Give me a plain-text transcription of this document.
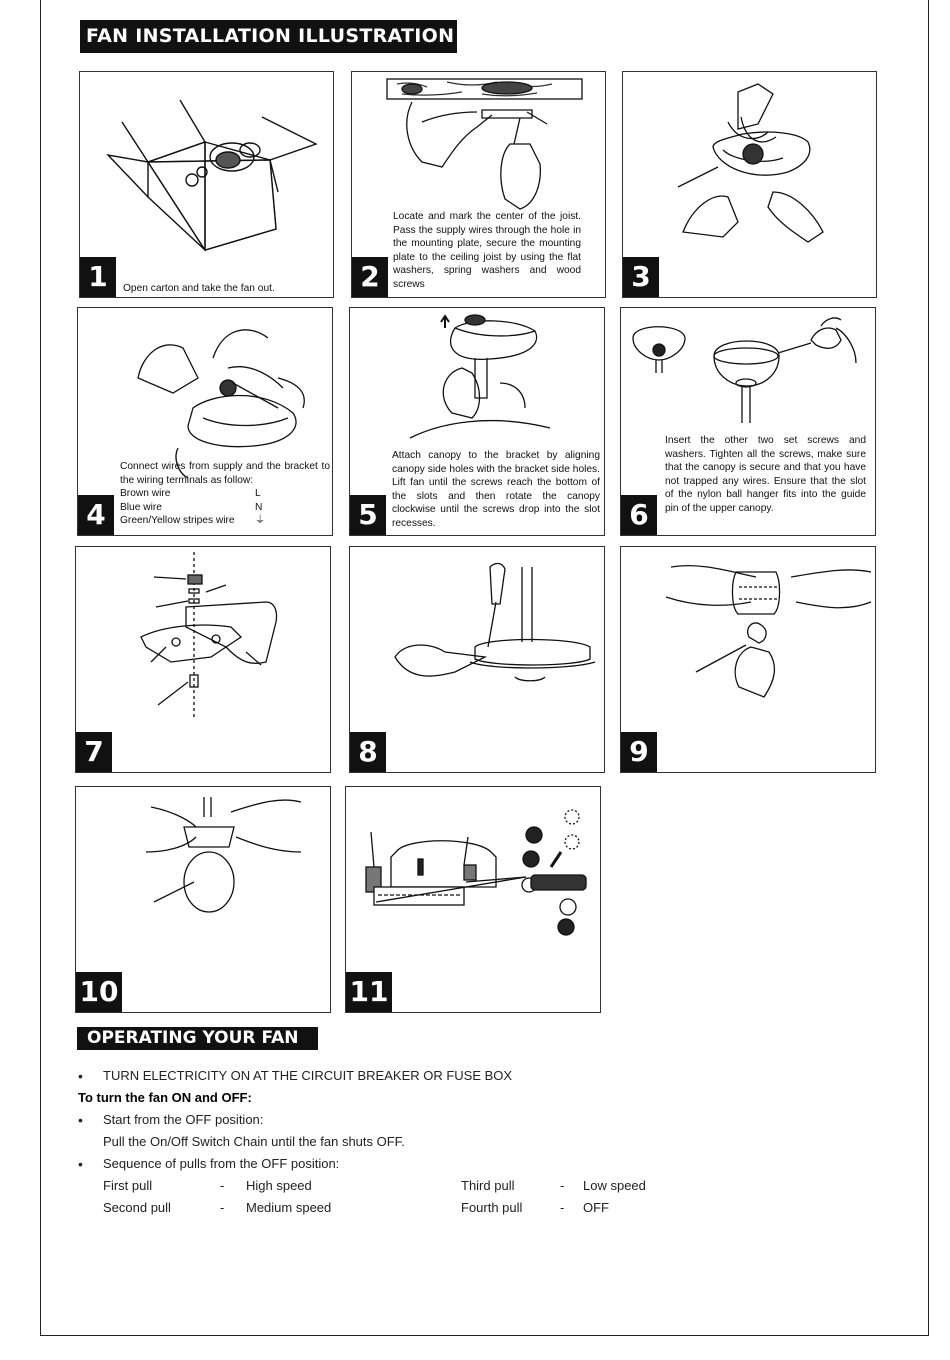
FAN INSTALLATION ILLUSTRATION
1	Open carton and take the fan out.	2
Locate and mark the center of the joist. Pass the supply wires through the hole in the mounting plate, secure the mounting plate to the ceiling joist by using the flat washers, spring washers and wood screws	3
Connect wires from supply and the bracket to the wiring terminals as follow:
Brown wire	L
Blue wire	N
Green/Yellow stripes wire	⏚
4
Attach canopy to the bracket by aligning canopy side holes with the bracket side holes. Lift fan until the screws reach the bottom of the slots and then rotate the canopy clockwise until the screws drop into the slot recesses.
5
Insert the other two set screws and washers. Tighten all the screws, make sure that the canopy is secure and that you have not trapped any wires. Ensure that the slot of the nylon ball hanger fits into the guide pin of the upper canopy.
6
7	8	9
10	11
OPERATING YOUR FAN
• TURN ELECTRICITY ON AT THE CIRCUIT BREAKER OR FUSE BOX
To turn the fan ON and OFF:
• Start from the OFF position:
Pull the On/Off Switch Chain until the fan shuts OFF.
• Sequence of pulls from the OFF position:
First pull	- High speed	Third pull	- Low speed
Second pull	- Medium speed	Fourth pull	- OFF
